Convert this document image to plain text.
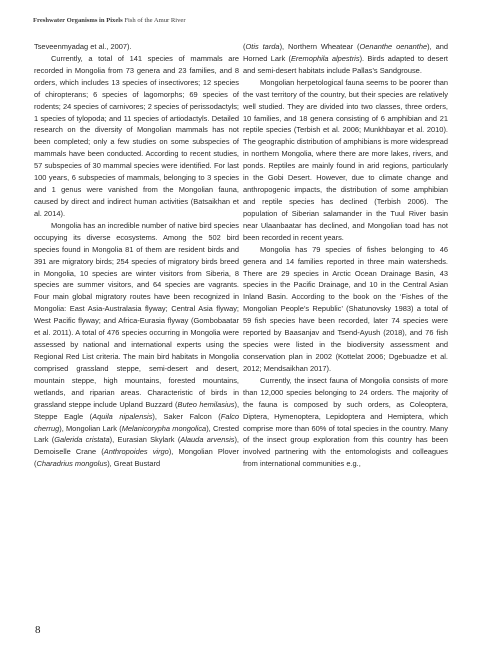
Freshwater Organisms in Pixels Fish of the Amur River

Tseveenmyadag et al., 2007).

Currently, a total of 141 species of mammals are recorded in Mongolia from 73 genera and 23 families, and 8 orders, which includes 13 species of insectivores; 12 species of chiropterans; 6 species of lagomorphs; 69 species of rodents; 24 species of carnivores; 2 species of perissodactyls; 1 species of tylopoda; and 11 species of artiodactyls. Detailed research on the diversity of Mongolian mammals has not been completed; only a few studies on some subspecies of mammals have been conducted. According to recent studies, 57 subspecies of 30 mammal species were identified. For last 100 years, 6 subspecies of mammals, belonging to 3 species and 1 genus were vanished from the Mongolian fauna, caused by direct and indirect human activities (Batsaikhan et al. 2014).

Mongolia has an incredible number of native bird species occupying its diverse ecosystems. Among the 502 bird species found in Mongolia 81 of them are resident birds and 391 are migratory birds; 254 species of migratory birds breed in Mongolia, 10 species are winter visitors from Siberia, 8 species are summer visitors, and 64 species are vagrants. Four main global migratory routes have been recognized in Mongolia: East Asia-Australasia flyway; Central Asia flyway; West Pacific flyway; and Africa-Eurasia flyway (Gombobaatar et al. 2011). A total of 476 species occurring in Mongolia were assessed by national and international experts using the Regional Red List criteria. The main bird habitats in Mongolia comprised grassland steppe, semi-desert and desert, mountain steppe, high mountains, forested mountains, wetlands, and riparian areas. Characteristic of birds in grassland steppe include Upland Buzzard (Buteo hemilasius), Steppe Eagle (Aquila nipalensis), Saker Falcon (Falco cherrug), Mongolian Lark (Melanicorypha mongolica), Crested Lark (Galerida cristata), Eurasian Skylark (Alauda arvensis), Demoiselle Crane (Anthropoides virgo), Mongolian Plover (Charadrius mongolus), Great Bustard

(Otis tarda), Northern Wheatear (Oenanthe oenanthe), and Horned Lark (Eremophila alpestris). Birds adapted to desert and semi-desert habitats include Pallas’s Sandgrouse.

Mongolian herpetological fauna seems to be poorer than the vast territory of the country, but their species are relatively well studied. They are divided into two classes, three orders, 10 families, and 18 genera consisting of 6 amphibian and 21 reptile species (Terbish et al. 2006; Munkhbayar et al. 2010). The geographic distribution of amphibians is more widespread in northern Mongolia, where there are more lakes, rivers, and ponds. Reptiles are mainly found in arid regions, particularly in the Gobi Desert. However, due to climate change and anthropogenic impacts, the distribution of some amphibian and reptile species has declined (Terbish 2006). The population of Siberian salamander in the Tuul River basin near Ulaanbaatar has declined, and Mongolian toad has not been recorded in recent years.

Mongolia has 79 species of fishes belonging to 46 genera and 14 families reported in three main watersheds. There are 29 species in Arctic Ocean Drainage Basin, 43 species in the Pacific Drainage, and 10 in the Central Asian Inland Basin. According to the book on the ‘Fishes of the Mongolian People’s Republic’ (Shatunovsky 1983) a total of 59 fish species have been recorded, later 74 species were reported by Baasanjav and Tsend-Ayush (2018), and 76 fish species were listed in the biodiversity assessment and conservation plan in 2002 (Kottelat 2006; Dgebuadze et al. 2012; Mendsaikhan 2017).

Currently, the insect fauna of Mongolia consists of more than 12,000 species belonging to 24 orders. The majority of the fauna is composed by such orders, as Coleoptera, Diptera, Hymenoptera, Lepidoptera and Hemiptera, which comprise more than 60% of total species in the country. Many of the insect group exploration from this country has been involved partnering with the entomologists and colleagues from international communities e.g.,

8
